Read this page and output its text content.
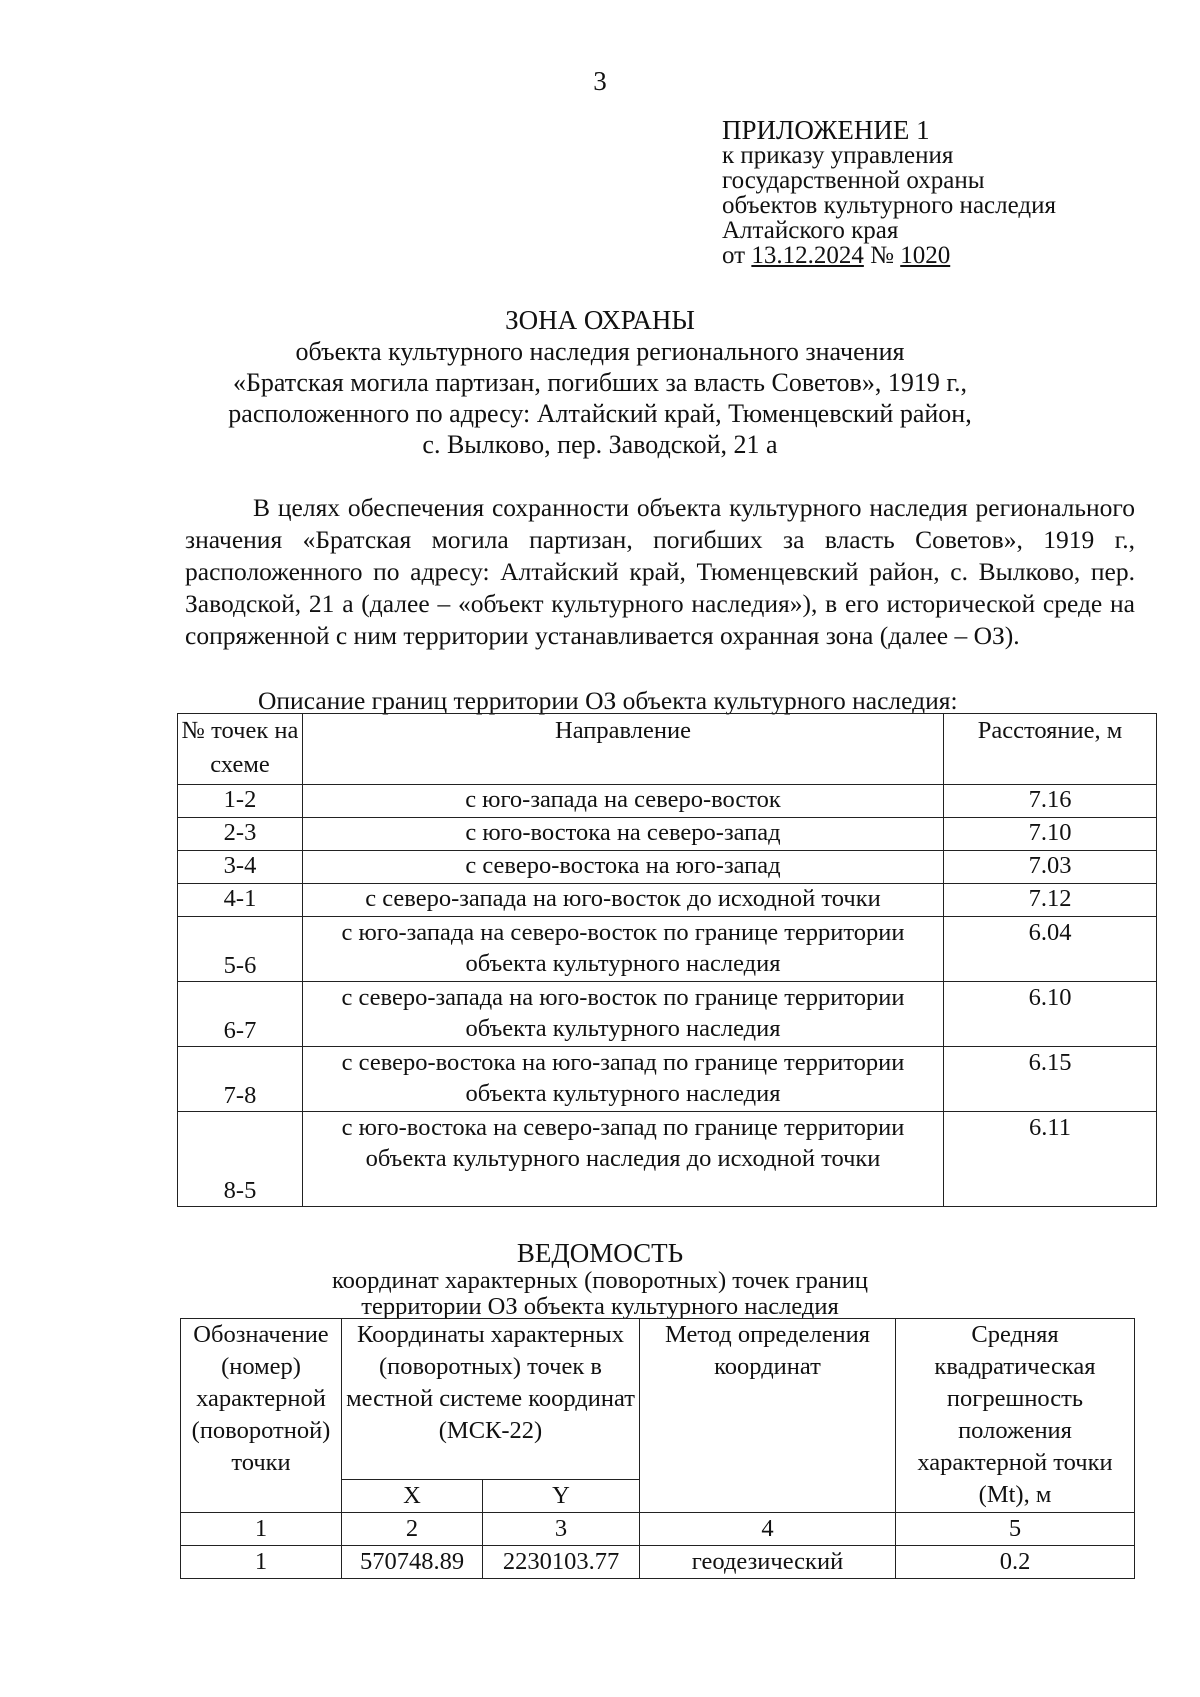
3
ПРИЛОЖЕНИЕ 1
к приказу управления
государственной охраны
объектов культурного наследия
Алтайского края
от 13.12.2024 № 1020
ЗОНА ОХРАНЫ
объекта культурного наследия регионального значения
«Братская могила партизан, погибших за власть Советов», 1919 г.,
расположенного по адресу: Алтайский край, Тюменцевский район,
с. Вылково, пер. Заводской, 21 а
В целях обеспечения сохранности объекта культурного наследия регионального значения «Братская могила партизан, погибших за власть Советов», 1919 г., расположенного по адресу: Алтайский край, Тюменцевский район, с. Вылково, пер. Заводской, 21 а (далее – «объект культурного наследия»), в его исторической среде на сопряженной с ним территории устанавливается охранная зона (далее – ОЗ).
Описание границ территории ОЗ объекта культурного наследия:
№ точек на схеме	Направление	Расстояние, м
1-2	с юго-запада на северо-восток	7.16
2-3	с юго-востока на северо-запад	7.10
3-4	с северо-востока на юго-запад	7.03
4-1	с северо-запада на юго-восток до исходной точки	7.12
5-6	с юго-запада на северо-восток по границе территории объекта культурного наследия	6.04
6-7	с северо-запада на юго-восток по границе территории объекта культурного наследия	6.10
7-8	с северо-востока на юго-запад по границе территории объекта культурного наследия	6.15
8-5	с юго-востока на северо-запад по границе территории объекта культурного наследия до исходной точки	6.11
ВЕДОМОСТЬ
координат характерных (поворотных) точек границ
территории ОЗ объекта культурного наследия
Обозначение (номер) характерной (поворотной) точки	Координаты характерных (поворотных) точек в местной системе координат (МСК-22)		Метод определения координат	Средняя квадратическая погрешность положения характерной точки (Mt), м
	X	Y		
1	2	3	4	5
1	570748.89	2230103.77	геодезический	0.2
